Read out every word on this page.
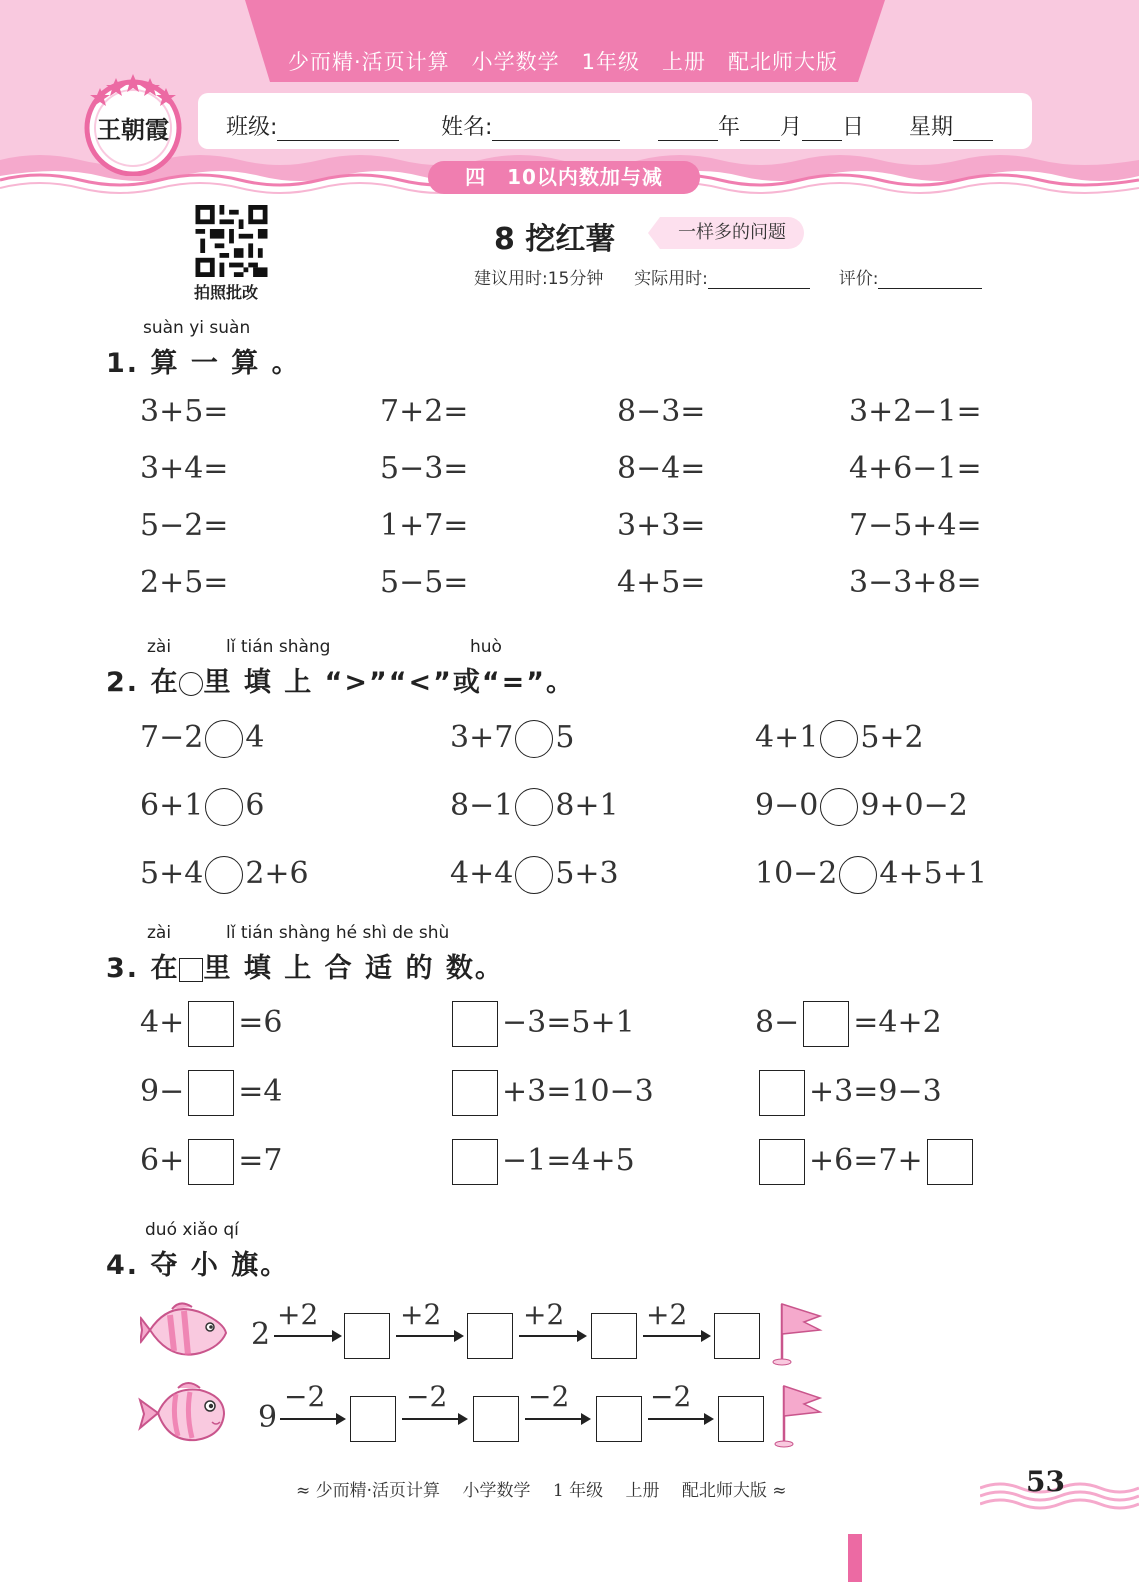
少而精·活页计算　小学数学　1年级　上册　配北师大版
王朝霞	班级:	姓名:	年 月 日 星期
四　10以内数加与减
拍照批改
8 挖红薯	一样多的问题
建议用时:15分钟 实际用时:	评价:
suàn yi suàn
1. 算 一 算 。
3+5=	7+2=	8−3=	3+2−1=
3+4=	5−3=	8−4=	4+6−1=
5−2=	1+7=	3+3=	7−5+4=
2+5=	5−5=	4+5=	3−3+8=
zài	lǐ tián shàng	huò
2. 在 里 填 上 “>”“<”或“=”。
7−2 4	3+7 5	4+1 5+2
6+1 6	8−1 8+1	9−0 9+0−2
5+4 2+6	4+4 5+3	10−2 4+5+1
zài	lǐ tián shàng hé shì de shù
3. 在 里 填 上 合 适 的 数。
4+ =6	−3=5+1	8− =4+2
9− =4	+3=10−3	+3=9−3
6+ =7	−1=4+5	+6=7+
duó xiǎo qí
4. 夺 小 旗。
2
+2	+2	+2	+2
9
−2	−2	−2	−2
≈ 少而精·活页计算　 小学数学　 1 年级　 上册　 配北师大版 ≈	53
